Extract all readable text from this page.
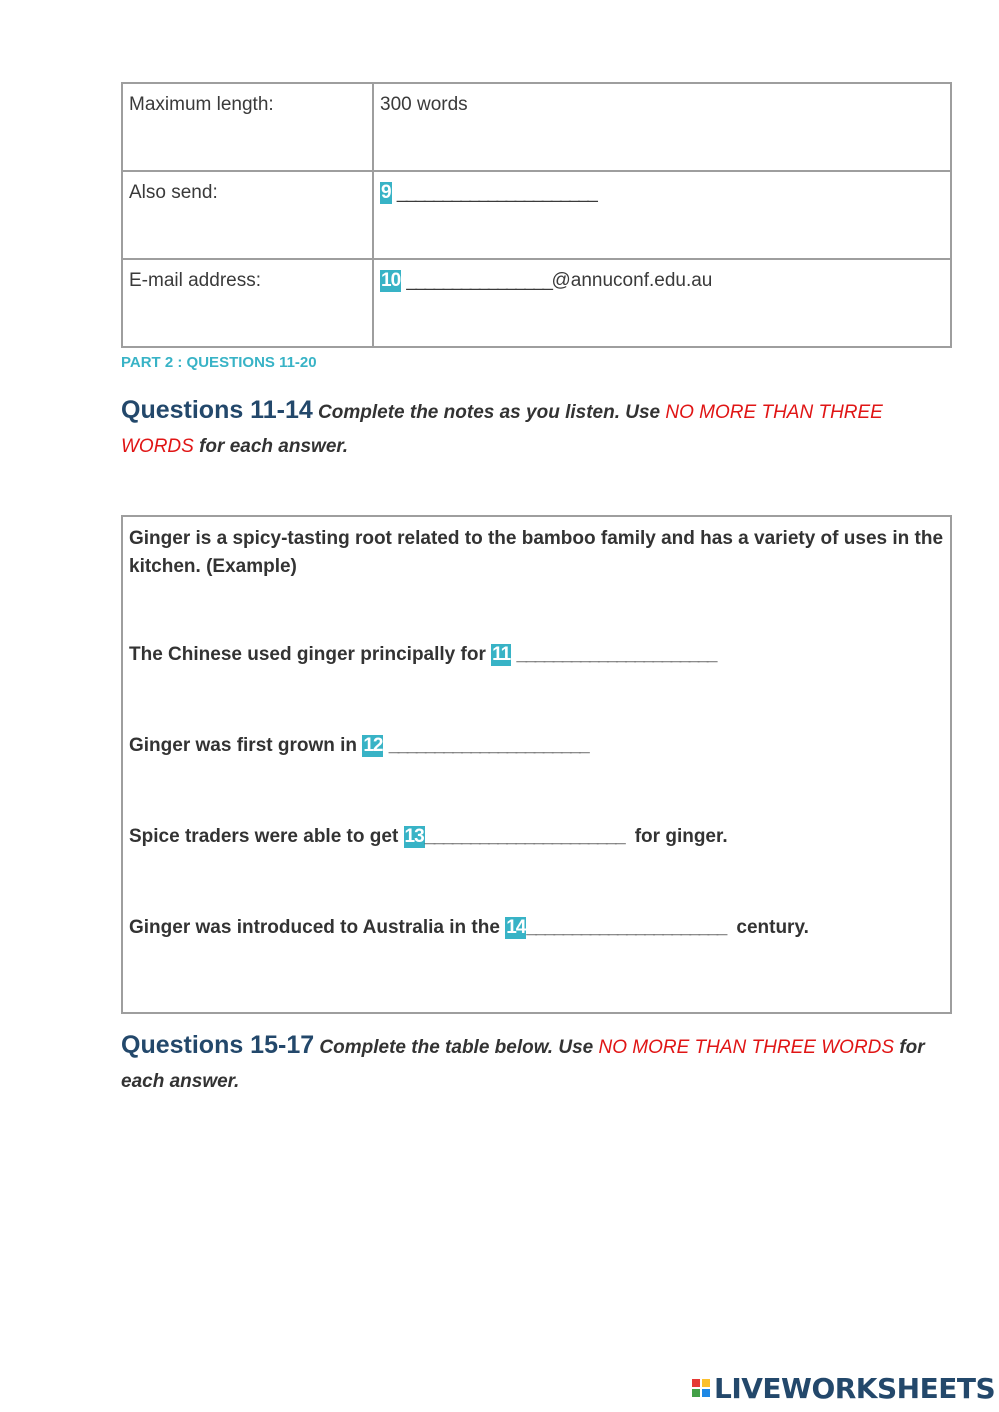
Maximum length:	300 words
Also send:	9 ______________________
E-mail address:	10 ________________@annuconf.edu.au
PART 2 : QUESTIONS 11-20
Questions 11-14 Complete the notes as you listen. Use NO MORE THAN THREE WORDS for each answer.

Ginger is a spicy-tasting root related to the bamboo family and has a variety of uses in the kitchen. (Example)

The Chinese used ginger principally for 11 ______________________
Ginger was first grown in 12 ______________________
Spice traders were able to get 13______________________ for ginger.
Ginger was introduced to Australia in the 14______________________ century.
Questions 15-17 Complete the table below. Use NO MORE THAN THREE WORDS for each answer.
LIVEWORKSHEETS
